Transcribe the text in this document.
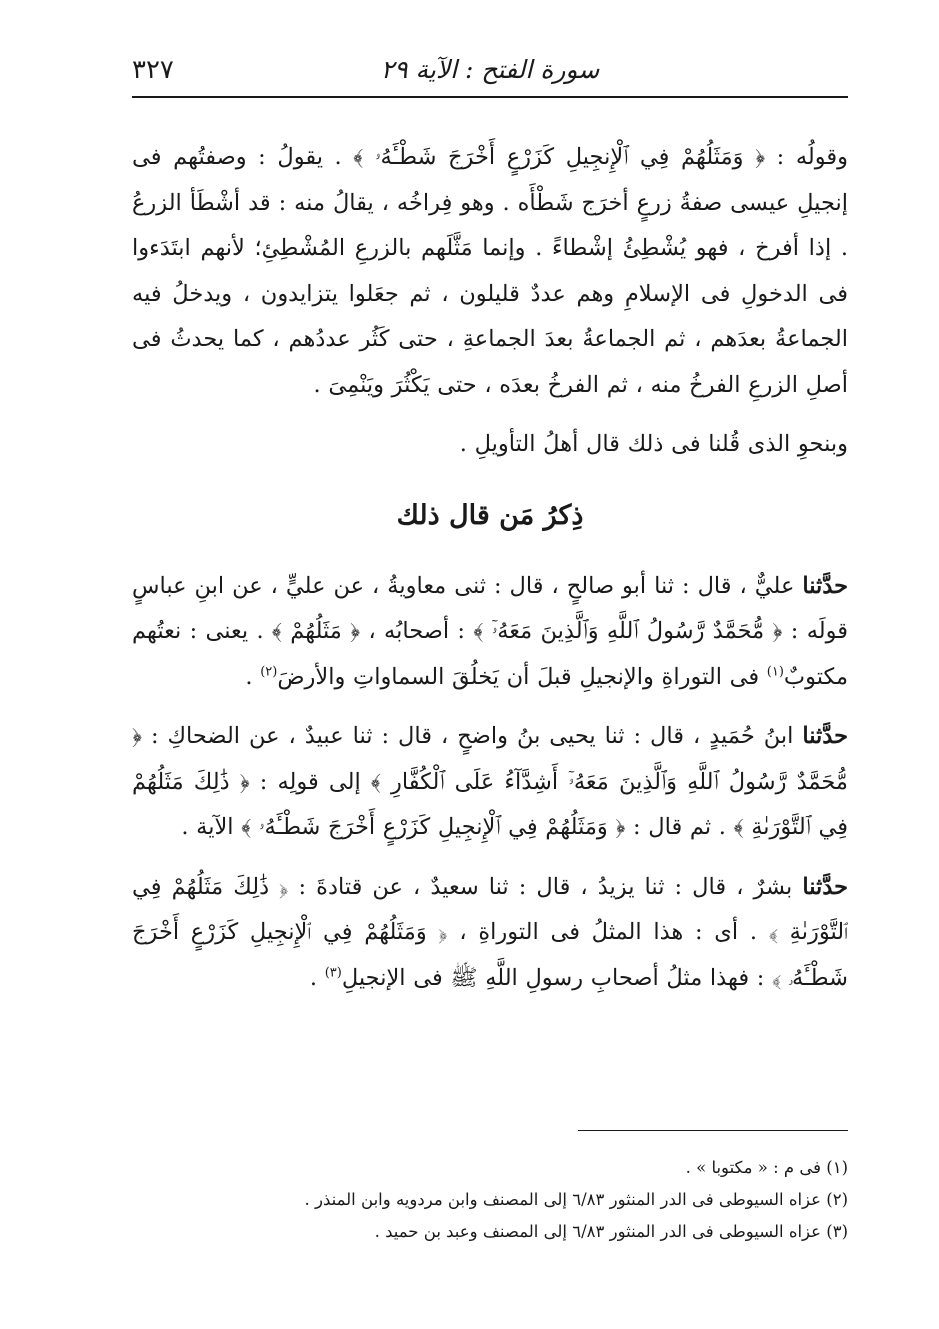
سورة الفتح : الآية ٢٩
٣٢٧

وقولُه : ﴿ وَمَثَلُهُمْ فِي ٱلْإِنجِيلِ كَزَرْعٍ أَخْرَجَ شَطْـَٔهُۥ ﴾ . يقولُ : وصفتُهم فى إنجيلِ عيسى صفةُ زرعٍ أخرَج شَطْأَه . وهو فِراخُه ، يقالُ منه : قد أشْطَأ الزرعُ . إذا أفرخ ، فهو يُشْطِئُ إشْطاءً . وإنما مَثَّلَهم بالزرعِ المُشْطِئِ؛ لأنهم ابتَدَءوا فى الدخولِ فى الإسلامِ وهم عددٌ قليلون ، ثم جعَلوا يتزايدون ، ويدخلُ فيه الجماعةُ بعدَهم ، ثم الجماعةُ بعدَ الجماعةِ ، حتى كَثُر عددُهم ، كما يحدثُ فى أصلِ الزرعِ الفرخُ منه ، ثم الفرخُ بعدَه ، حتى يَكْثُرَ ويَنْمِىَ .

وبنحوِ الذى قُلنا فى ذلك قال أهلُ التأويلِ .

ذِكرُ مَن قال ذلك

حدَّثنا عليٌّ ، قال : ثنا أبو صالحٍ ، قال : ثنى معاويةُ ، عن عليٍّ ، عن ابنِ عباسٍ قولَه : ﴿ مُّحَمَّدٌ رَّسُولُ ٱللَّهِ وَٱلَّذِينَ مَعَهُۥٓ ﴾ : أصحابُه ، ﴿ مَثَلُهُمْ ﴾ . يعنى : نعتُهم مكتوبٌ$^{(١)}$ فى التوراةِ والإنجيلِ قبلَ أن يَخلُقَ السماواتِ والأرضَ$^{(٢)}$ .

حدَّثنا ابنُ حُمَيدٍ ، قال : ثنا يحيى بنُ واضحٍ ، قال : ثنا عبيدٌ ، عن الضحاكِ : ﴿ مُّحَمَّدٌ رَّسُولُ ٱللَّهِ وَٱلَّذِينَ مَعَهُۥٓ أَشِدَّآءُ عَلَى ٱلْكُفَّارِ ﴾ إلى قولِه : ﴿ ذَٰلِكَ مَثَلُهُمْ فِي ٱلتَّوْرَىٰةِ ﴾ . ثم قال : ﴿ وَمَثَلُهُمْ فِي ٱلْإِنجِيلِ كَزَرْعٍ أَخْرَجَ شَطْـَٔهُۥ ﴾ الآية .

حدَّثنا بشرٌ ، قال : ثنا يزيدُ ، قال : ثنا سعيدٌ ، عن قتادةَ : ﴿ ذَٰلِكَ مَثَلُهُمْ فِي ٱلتَّوْرَىٰةِ ﴾ . أى : هذا المثلُ فى التوراةِ ، ﴿ وَمَثَلُهُمْ فِي ٱلْإِنجِيلِ كَزَرْعٍ أَخْرَجَ شَطْـَٔهُۥ ﴾ : فهذا مثلُ أصحابِ رسولِ اللَّهِ ﷺ فى الإنجيلِ$^{(٣)}$ .

(١) فى م : « مكتوبا » .
(٢) عزاه السيوطى فى الدر المنثور ٦/٨٣ إلى المصنف وابن مردويه وابن المنذر .
(٣) عزاه السيوطى فى الدر المنثور ٦/٨٣ إلى المصنف وعبد بن حميد .
